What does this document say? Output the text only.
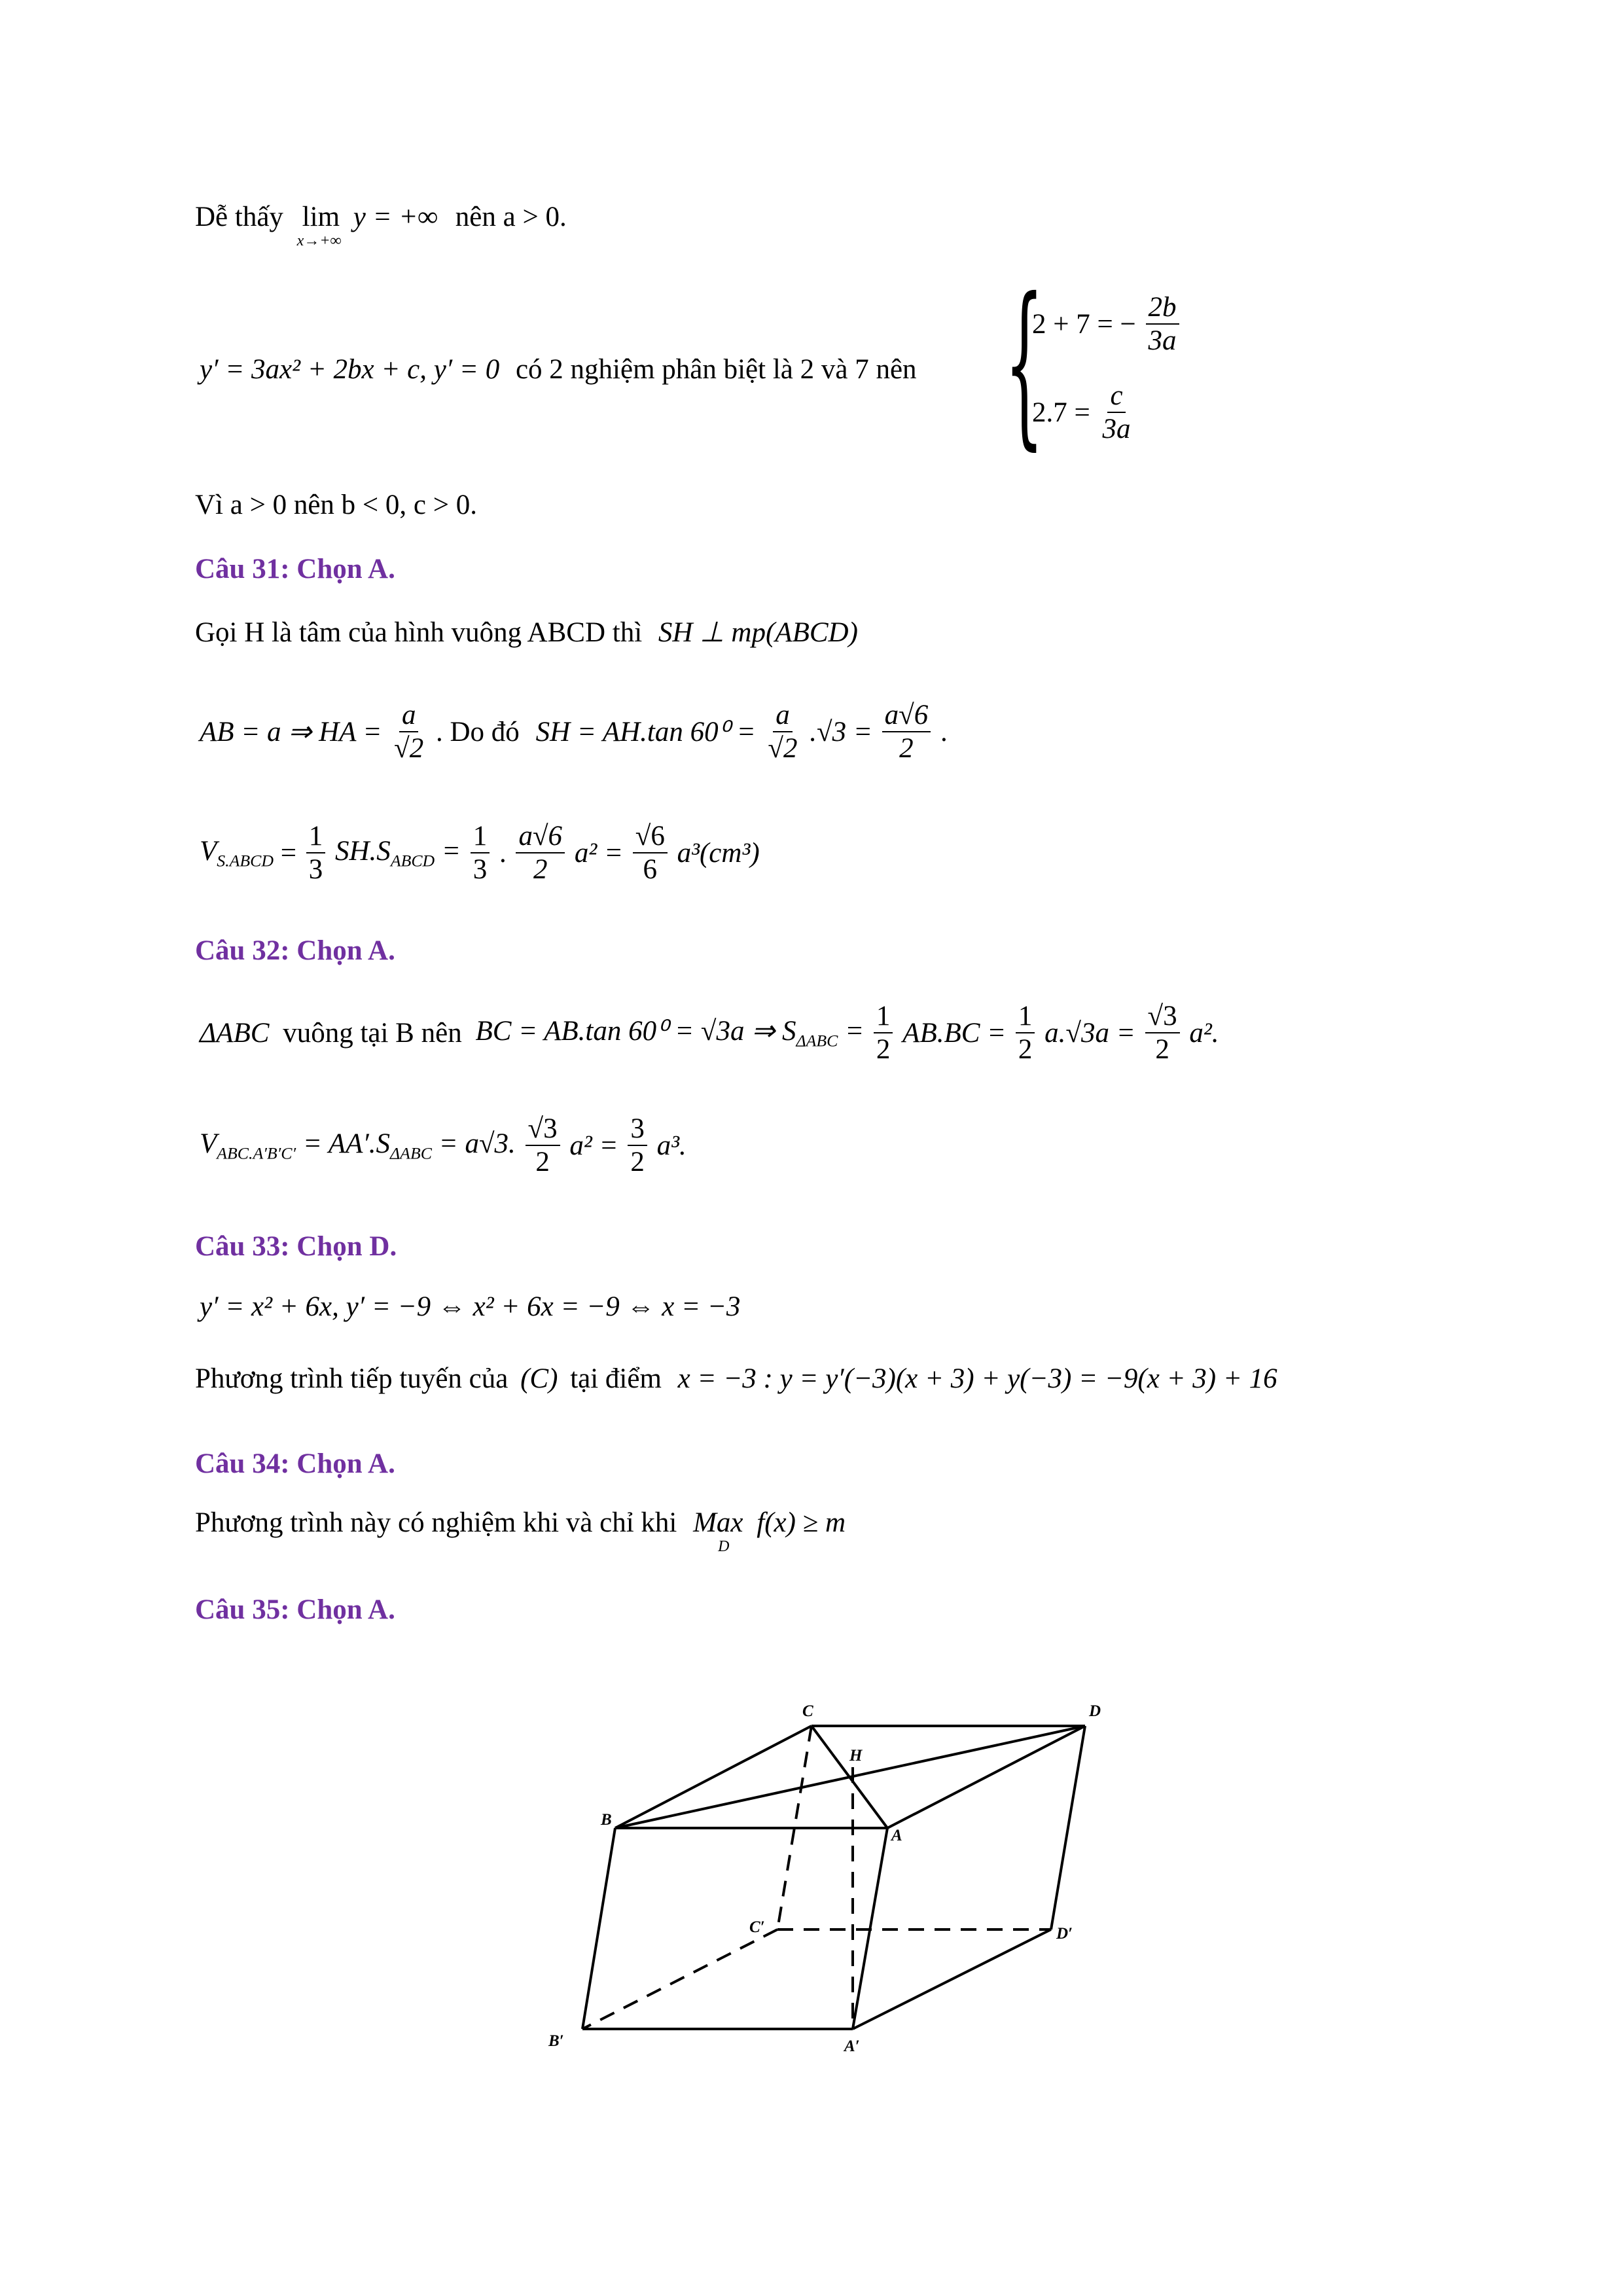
Dễ thấy lim
x→+∞
y = +∞ nên a > 0.
y′ = 3ax² + 2bx + c, y′ = 0 có 2 nghiệm phân biệt là 2 và 7 nên {
2 + 7 = − $\frac{2b}{3a}$
$2.7 = \frac{c}{3a}$
Vì a > 0 nên b < 0, c > 0.
Câu 31: Chọn A.
Gọi H là tâm của hình vuông ABCD thì SH ⊥ mp(ABCD)
AB = a ⇒ HA = $\frac{a}{√2}$ . Do đó SH = AH.tan $60^0 = \frac{a}{√2} .√3 = \frac{a√6}{2}$ .
$V_{S.ABCD} = \frac{1}{3} SH.S_{ABCD} = \frac{1}{3}$ . $\frac{a√6}{2} a^2 = \frac{√6}{6} a^3(cm^3)$
Câu 32: Chọn A.
ΔABC vuông tại B nên BC = AB.tan 60⁰ = √3a ⇒ $S_{\Delta ABC} = \frac{1}{2} AB.BC = \frac{1}{2} a.√3a = \frac{√3}{2} a^2$.
$V_{ABC.A'B'C'} = AA'.S_{\Delta ABC} = a√3$. $\frac{√3}{2} a^2 = \frac{3}{2} a^3$.
Câu 33: Chọn D.
y′ = x² + 6x, y′ = −9 ⇔ x² + 6x = −9 ⇔ x = −3
Phương trình tiếp tuyến của (C) tại điểm x = −3 : y = y′(−3)(x + 3) + y(−3) = −9(x + 3) + 16
Câu 34: Chọn A.
Phương trình này có nghiệm khi và chỉ khi Max
D
f(x) ≥ m
Câu 35: Chọn A.
C	D
H
B
A
C′	D′
B′	A′
